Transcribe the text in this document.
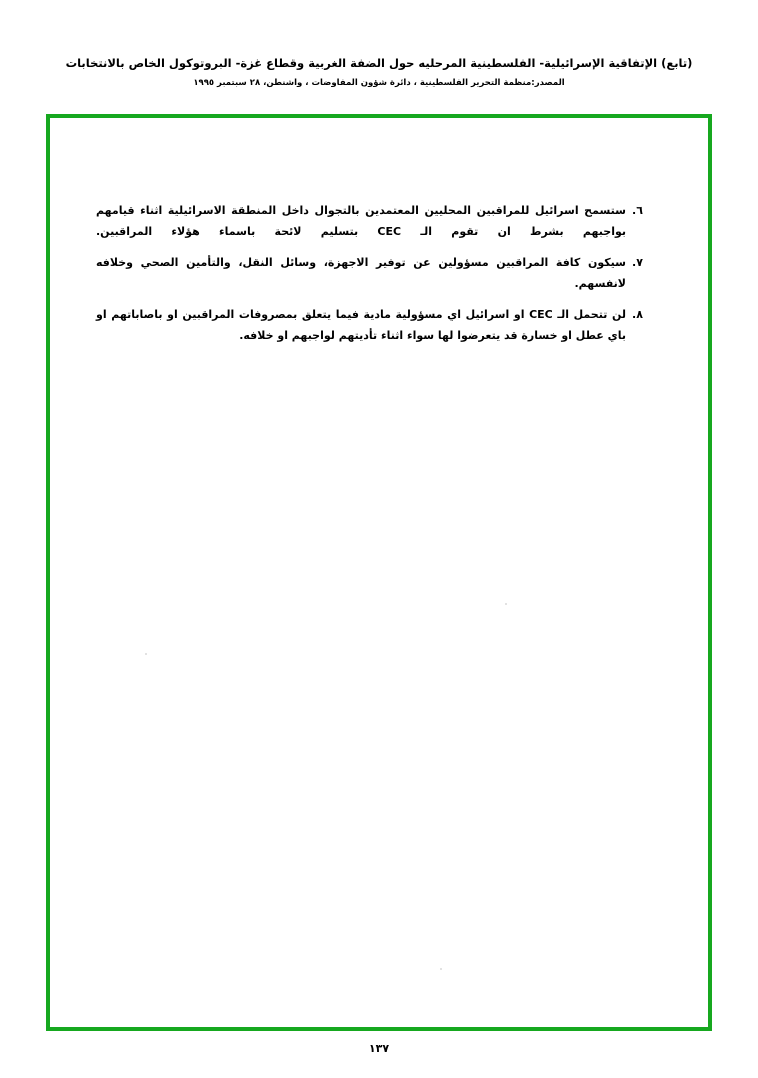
(تابع) الإتفاقية الإسرائيلية- الفلسطينية المرحليه حول الضفة الغربية وقطاع غزة- البروتوكول الخاص بالانتخابات
المصدر:منظمة التحرير الفلسطينية ، دائرة شؤون المفاوضات ، واشنطن، ٢٨ سبتمبر ١٩٩٥
٦.
ستسمح اسرائيل للمراقبين المحليين المعتمدين بالتجوال داخل المنطقة الاسرائيلية اثناء قيامهم بواجبهم بشرط ان تقوم الـ CEC بتسليم لائحة باسماء هؤلاء المراقبين.
٧.
سيكون كافة المراقبين مسؤولين عن توفير الاجهزة، وسائل النقل، والتأمين الصحي وخلافه لانفسهم.
٨.
لن تتحمل الـ CEC او اسرائيل اي مسؤولية مادية فيما يتعلق بمصروفات المراقبين او باصاباتهم او باي عطل او خسارة قد يتعرضوا لها سواء اثناء تأديتهم لواجبهم او خلافه.
١٣٧
